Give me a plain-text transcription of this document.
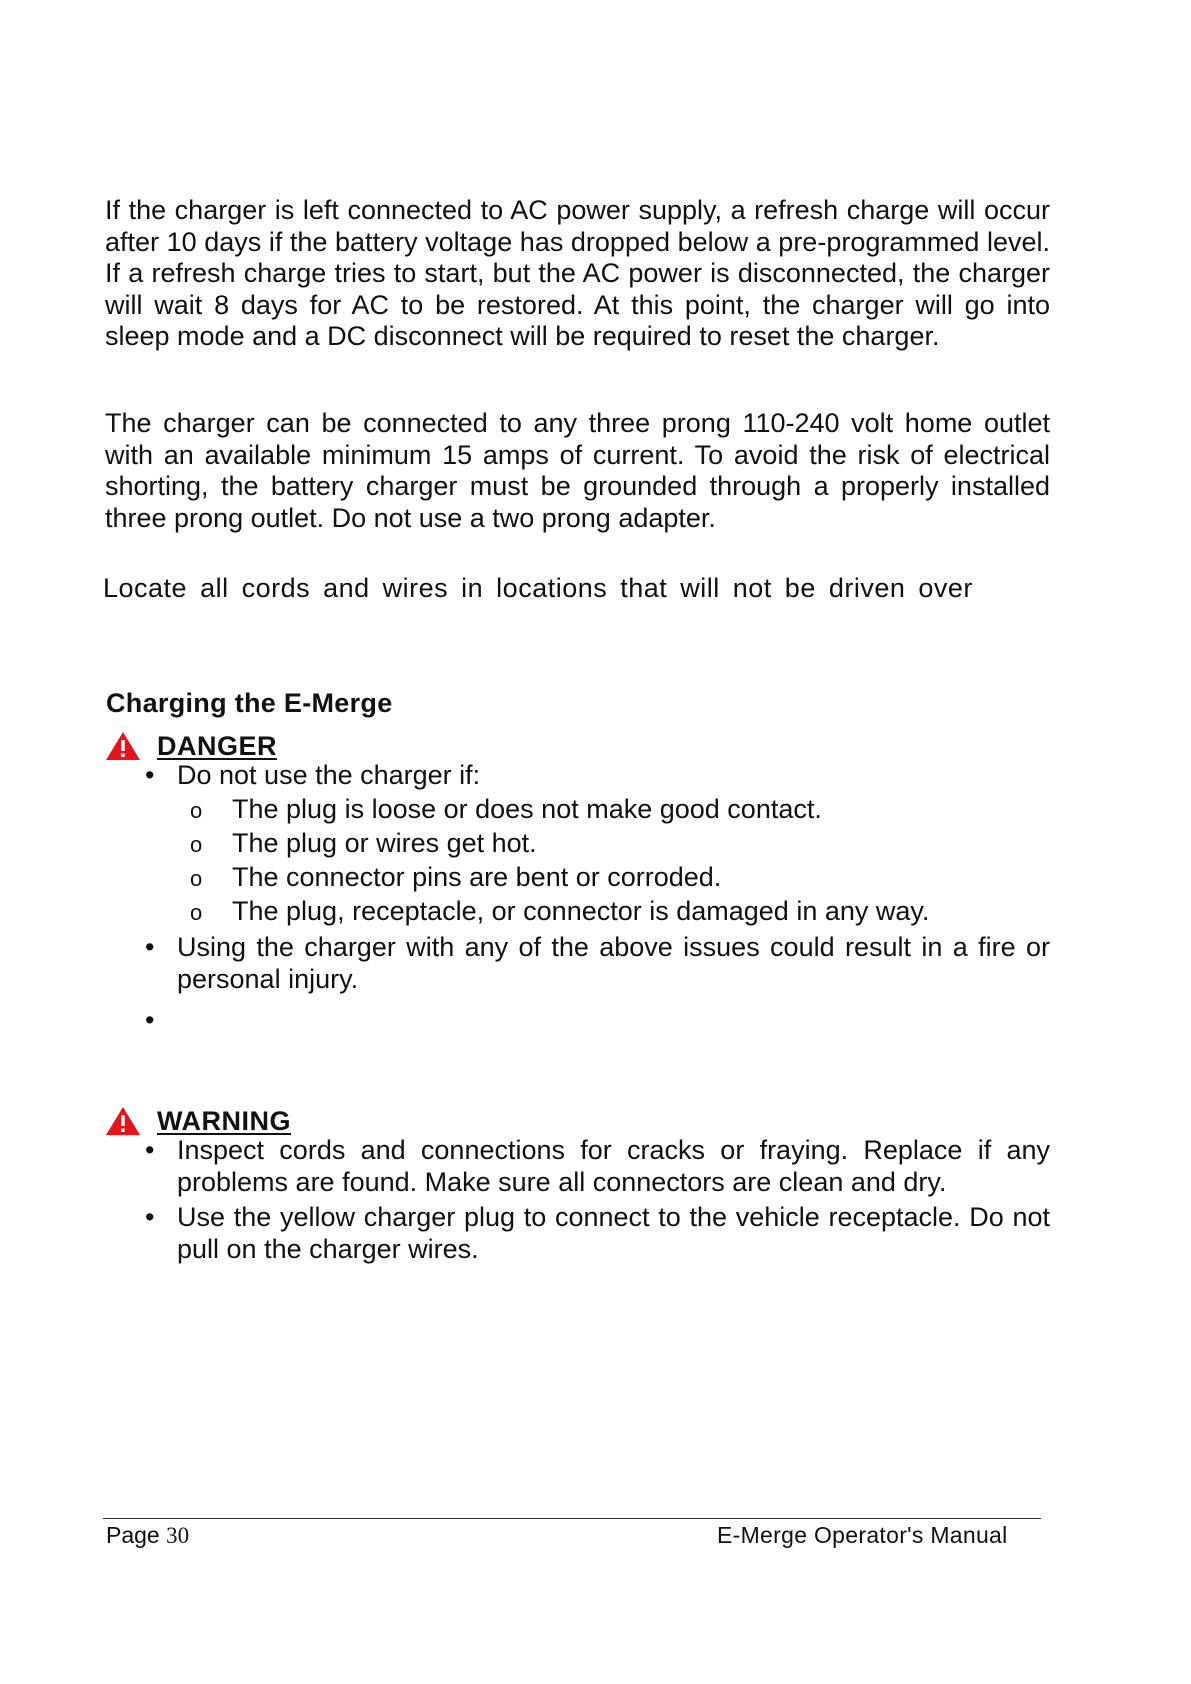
If the charger is left connected to AC power supply, a refresh charge will occur after 10 days if the battery voltage has dropped below a pre-programmed level. If a refresh charge tries to start, but the AC power is disconnected, the charger will wait 8 days for AC to be restored. At this point, the charger will go into sleep mode and a DC disconnect will be required to reset the charger.

The charger can be connected to any three prong 110-240 volt home outlet with an available minimum 15 amps of current. To avoid the risk of electrical shorting, the battery charger must be grounded through a properly installed three prong outlet. Do not use a two prong adapter.

Locate all cords and wires in locations that will not be driven over

Charging the E-Merge
DANGER
• Do not use the charger if:
o The plug is loose or does not make good contact.
o The plug or wires get hot.
o The connector pins are bent or corroded.
o The plug, receptacle, or connector is damaged in any way.
• Using the charger with any of the above issues could result in a fire or personal injury.
•
WARNING
• Inspect cords and connections for cracks or fraying. Replace if any problems are found. Make sure all connectors are clean and dry.
• Use the yellow charger plug to connect to the vehicle receptacle. Do not pull on the charger wires.

Page 30	E-Merge Operator's Manual
